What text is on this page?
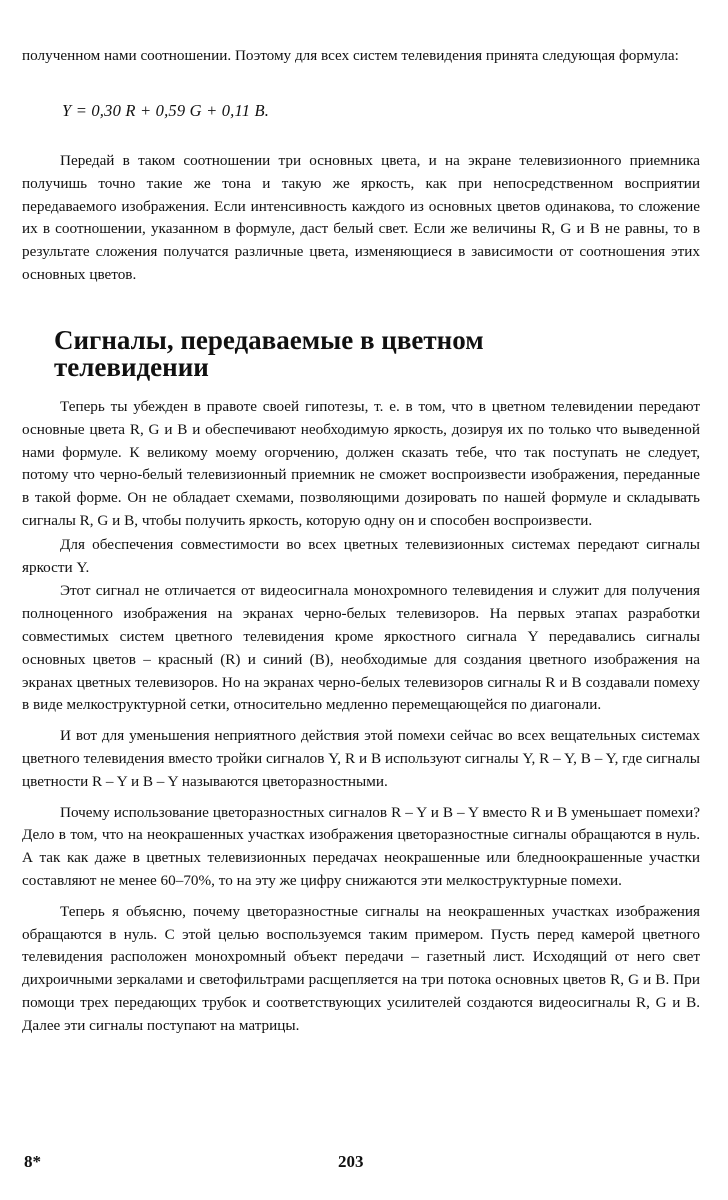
полученном нами соотношении. Поэтому для всех систем телевидения принята следующая формула:

Y = 0,30 R + 0,59 G + 0,11 B.

Передай в таком соотношении три основных цвета, и на экране телевизионного приемника получишь точно такие же тона и такую же яркость, как при непосредственном восприятии передаваемого изображения. Если интенсивность каждого из основных цветов одинакова, то сложение их в соотношении, указанном в формуле, даст белый свет. Если же величины R, G и B не равны, то в результате сложения получатся различные цвета, изменяющиеся в зависимости от соотношения этих основных цветов.

Сигналы, передаваемые в цветном телевидении

Теперь ты убежден в правоте своей гипотезы, т. е. в том, что в цветном телевидении передают основные цвета R, G и B и обеспечивают необходимую яркость, дозируя их по только что выведенной нами формуле. К великому моему огорчению, должен сказать тебе, что так поступать не следует, потому что черно-белый телевизионный приемник не сможет воспроизвести изображения, переданные в такой форме. Он не обладает схемами, позволяющими дозировать по нашей формуле и складывать сигналы R, G и B, чтобы получить яркость, которую одну он и способен воспроизвести.

Для обеспечения совместимости во всех цветных телевизионных системах передают сигналы яркости Y.

Этот сигнал не отличается от видеосигнала монохромного телевидения и служит для получения полноценного изображения на экранах черно-белых телевизоров. На первых этапах разработки совместимых систем цветного телевидения кроме яркостного сигнала Y передавались сигналы основных цветов – красный (R) и синий (B), необходимые для создания цветного изображения на экранах цветных телевизоров. Но на экранах черно-белых телевизоров сигналы R и B создавали помеху в виде мелкоструктурной сетки, относительно медленно перемещающейся по диагонали.

И вот для уменьшения неприятного действия этой помехи сейчас во всех вещательных системах цветного телевидения вместо тройки сигналов Y, R и B используют сигналы Y, R – Y, B – Y, где сигналы цветности R – Y и B – Y называются цветоразностными.

Почему использование цветоразностных сигналов R – Y и B – Y вместо R и B уменьшает помехи? Дело в том, что на неокрашенных участках изображения цветоразностные сигналы обращаются в нуль. А так как даже в цветных телевизионных передачах неокрашенные или бледноокрашенные участки составляют не менее 60–70%, то на эту же цифру снижаются эти мелкоструктурные помехи.

Теперь я объясню, почему цветоразностные сигналы на неокрашенных участках изображения обращаются в нуль. С этой целью воспользуемся таким примером. Пусть перед камерой цветного телевидения расположен монохромный объект передачи – газетный лист. Исходящий от него свет дихроичными зеркалами и светофильтрами расщепляется на три потока основных цветов R, G и B. При помощи трех передающих трубок и соответствующих усилителей создаются видеосигналы R, G и B. Далее эти сигналы поступают на матрицы.

8*	203
